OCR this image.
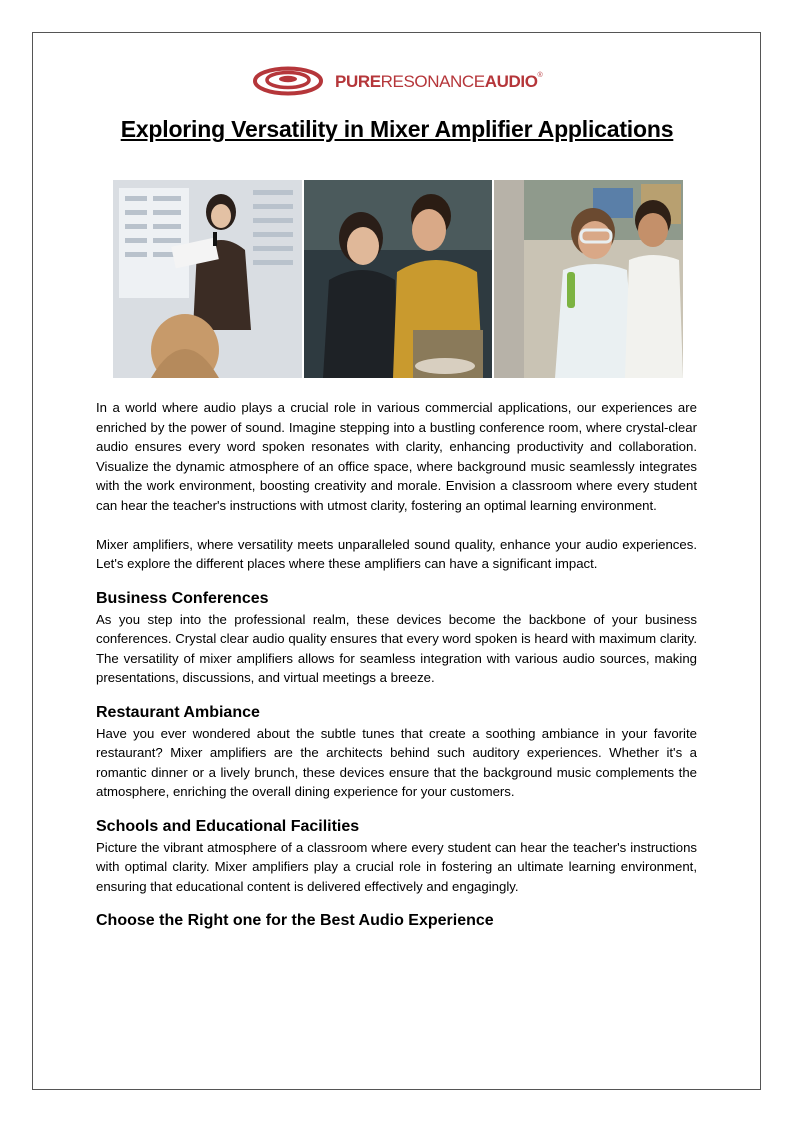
PURERESONANCEAUDIO®
Exploring Versatility in Mixer Amplifier Applications

In a world where audio plays a crucial role in various commercial applications, our experiences are enriched by the power of sound. Imagine stepping into a bustling conference room, where crystal-clear audio ensures every word spoken resonates with clarity, enhancing productivity and collaboration. Visualize the dynamic atmosphere of an office space, where background music seamlessly integrates with the work environment, boosting creativity and morale. Envision a classroom where every student can hear the teacher's instructions with utmost clarity, fostering an optimal learning environment.

Mixer amplifiers, where versatility meets unparalleled sound quality, enhance your audio experiences. Let's explore the different places where these amplifiers can have a significant impact.

Business Conferences

As you step into the professional realm, these devices become the backbone of your business conferences. Crystal clear audio quality ensures that every word spoken is heard with maximum clarity. The versatility of mixer amplifiers allows for seamless integration with various audio sources, making presentations, discussions, and virtual meetings a breeze.

Restaurant Ambiance

Have you ever wondered about the subtle tunes that create a soothing ambiance in your favorite restaurant? Mixer amplifiers are the architects behind such auditory experiences. Whether it's a romantic dinner or a lively brunch, these devices ensure that the background music complements the atmosphere, enriching the overall dining experience for your customers.

Schools and Educational Facilities

Picture the vibrant atmosphere of a classroom where every student can hear the teacher's instructions with optimal clarity. Mixer amplifiers play a crucial role in fostering an ultimate learning environment, ensuring that educational content is delivered effectively and engagingly.

Choose the Right one for the Best Audio Experience
